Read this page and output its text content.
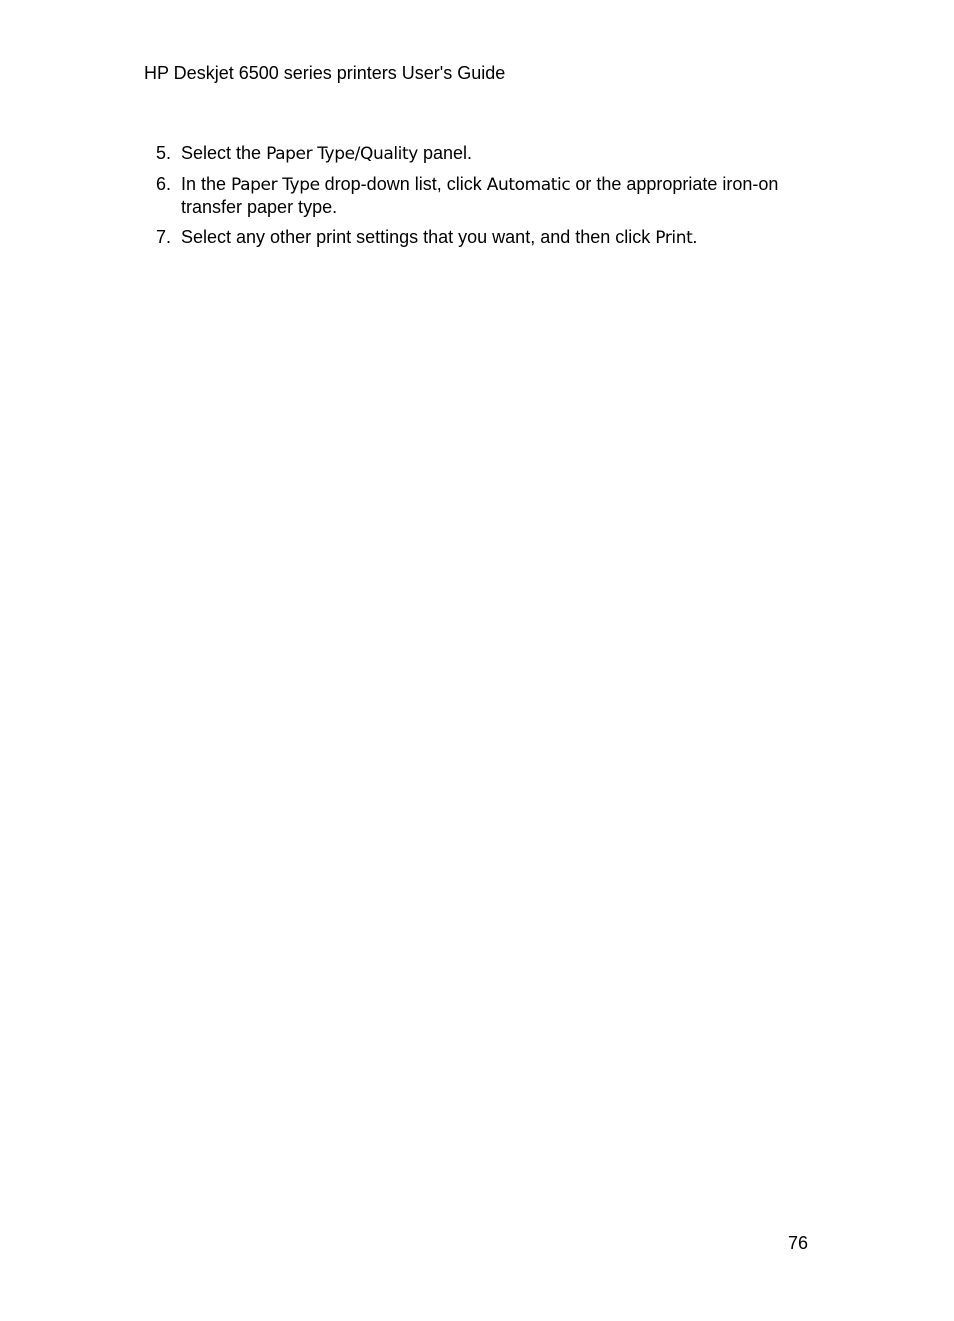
HP Deskjet 6500 series printers User's Guide
5. Select the Paper Type/Quality panel.
6. In the Paper Type drop-down list, click Automatic or the appropriate iron-on transfer paper type.
7. Select any other print settings that you want, and then click Print.
76
